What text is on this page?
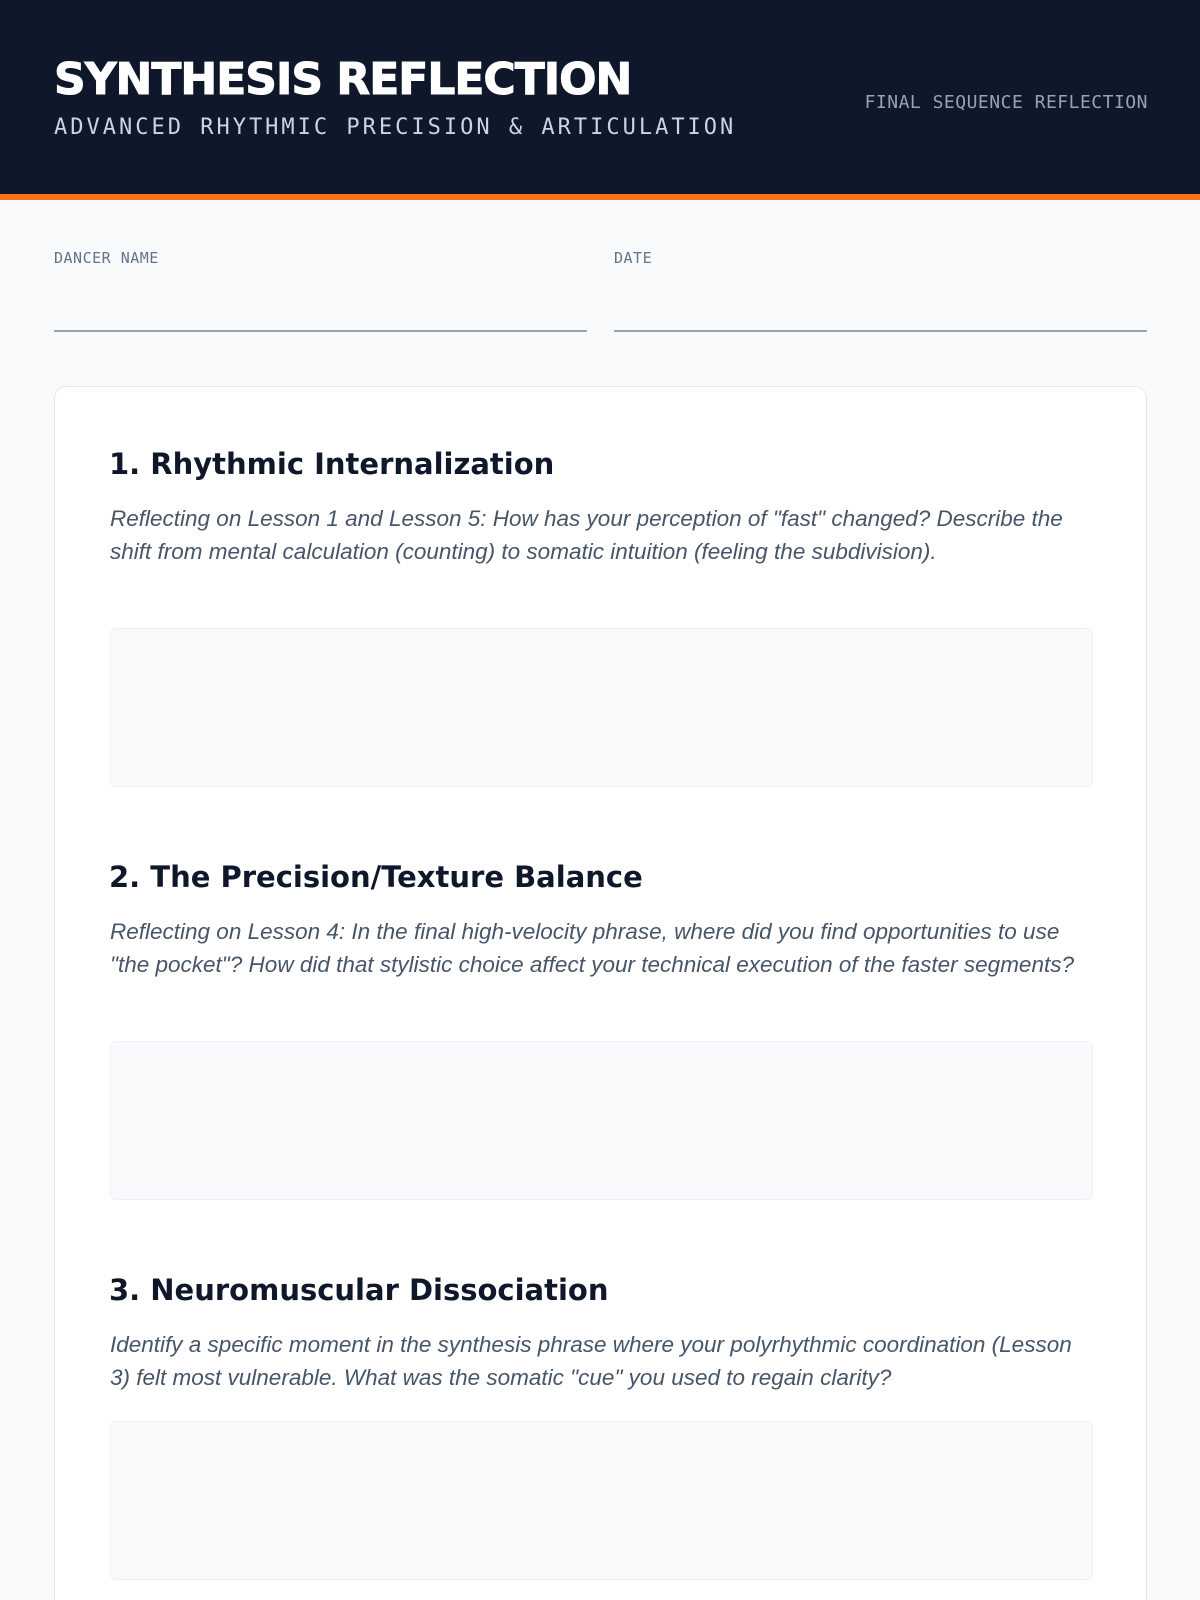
SYNTHESIS REFLECTION
ADVANCED RHYTHMIC PRECISION & ARTICULATION
FINAL SEQUENCE REFLECTION
DANCER NAME	DATE
1. Rhythmic Internalization
Reflecting on Lesson 1 and Lesson 5: How has your perception of "fast" changed? Describe the shift from mental calculation (counting) to somatic intuition (feeling the subdivision).
2. The Precision/Texture Balance
Reflecting on Lesson 4: In the final high-velocity phrase, where did you find opportunities to use "the pocket"? How did that stylistic choice affect your technical execution of the faster segments?
3. Neuromuscular Dissociation
Identify a specific moment in the synthesis phrase where your polyrhythmic coordination (Lesson 3) felt most vulnerable. What was the somatic "cue" you used to regain clarity?
